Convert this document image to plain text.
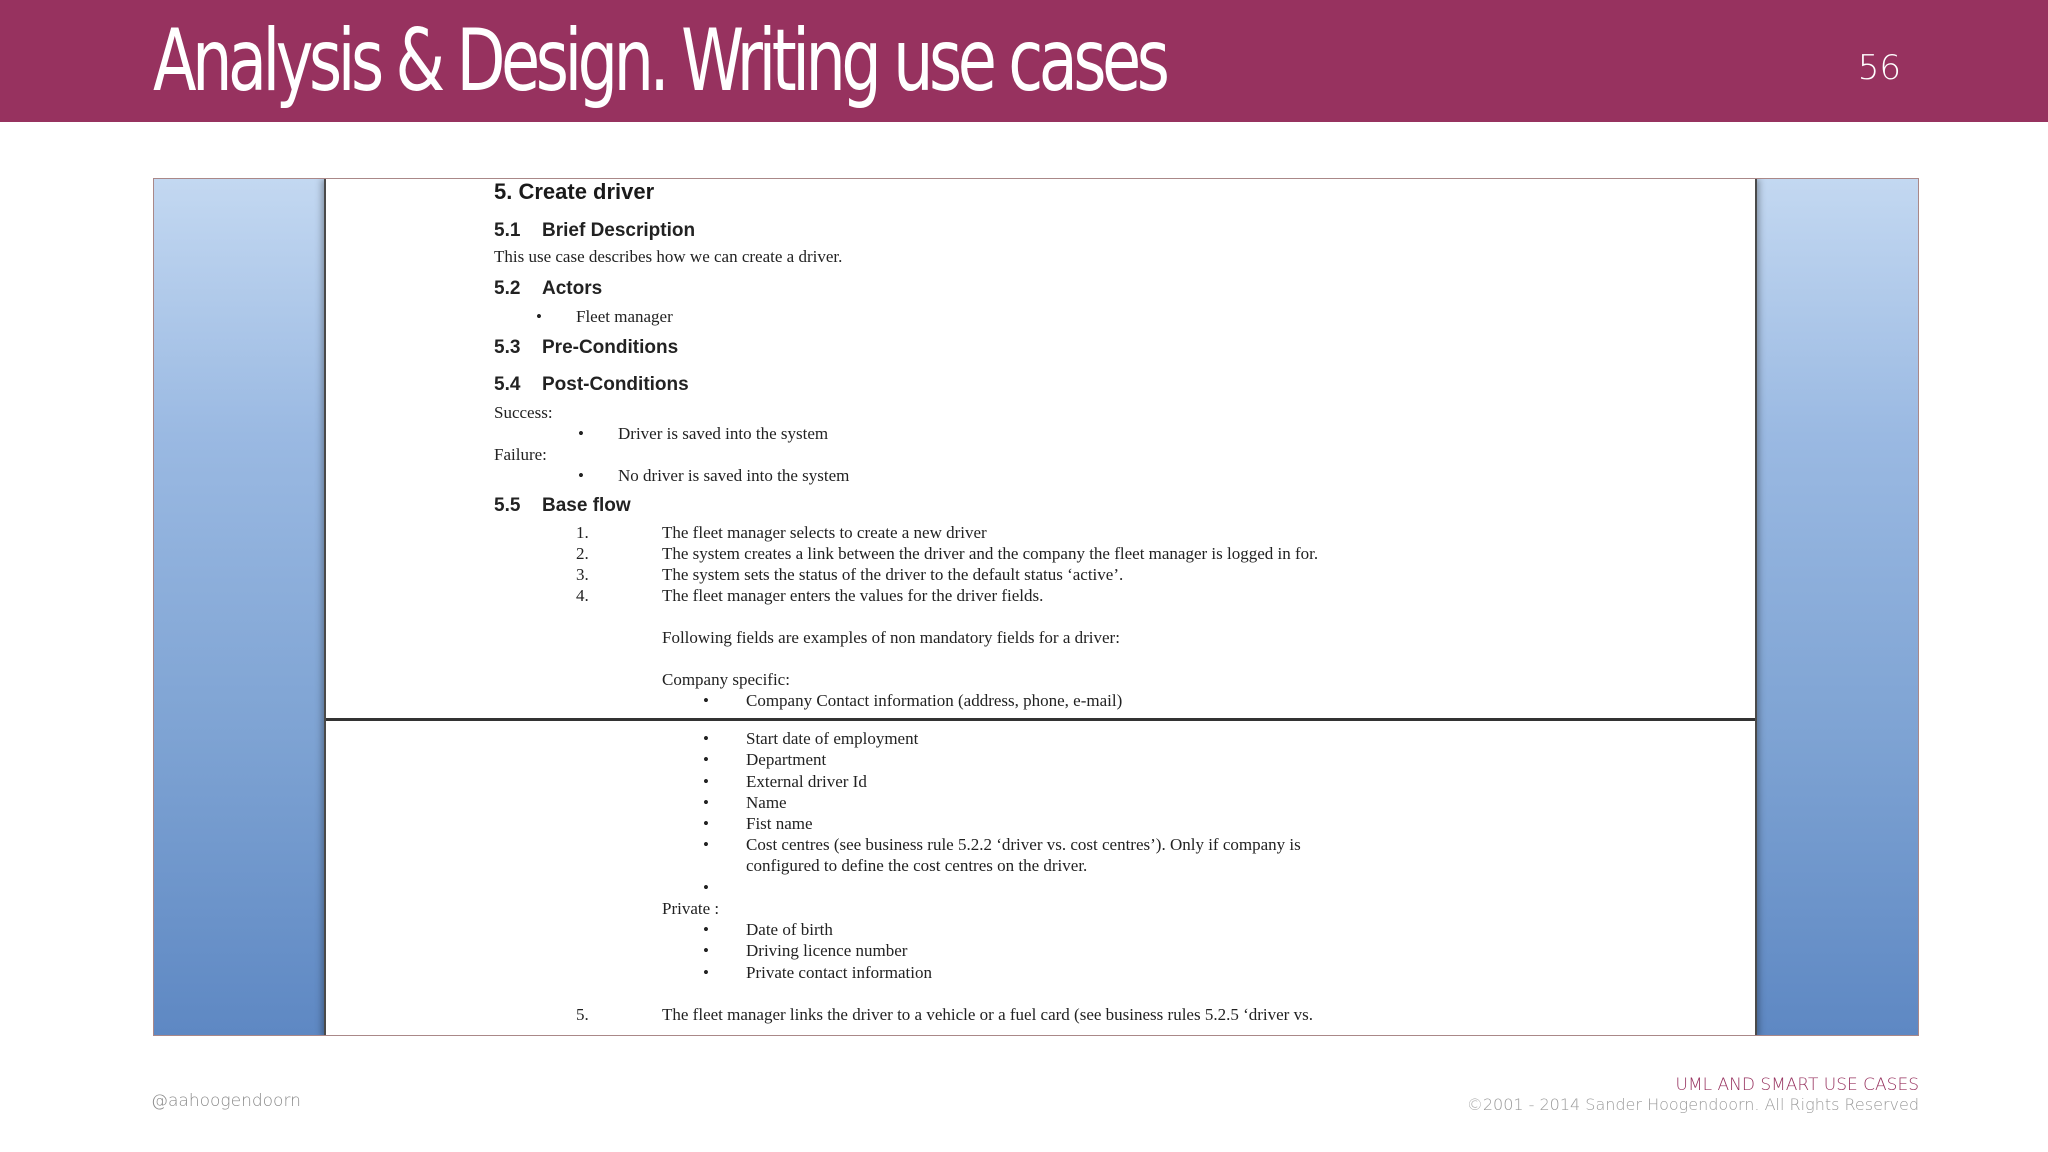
Analysis & Design. Writing use cases	56
5. Create driver
5.1 Brief Description
This use case describes how we can create a driver.
5.2 Actors
• Fleet manager
5.3 Pre-Conditions
5.4 Post-Conditions
Success:
• Driver is saved into the system
Failure:
• No driver is saved into the system
5.5 Base flow
1.	The fleet manager selects to create a new driver
2.	The system creates a link between the driver and the company the fleet manager is logged in for.
3.	The system sets the status of the driver to the default status ‘active’.
4.	The fleet manager enters the values for the driver fields.
Following fields are examples of non mandatory fields for a driver:
Company specific:
• Company Contact information (address, phone, e-mail)
• Start date of employment
• Department
• External driver Id
• Name
• Fist name
• Cost centres (see business rule 5.2.2 ‘driver vs. cost centres’). Only if company is
configured to define the cost centres on the driver.
•
Private :
• Date of birth
• Driving licence number
• Private contact information
5.	The fleet manager links the driver to a vehicle or a fuel card (see business rules 5.2.5 ‘driver vs.
@aahoogendoorn
UML AND SMART USE CASES
©2001 - 2014 Sander Hoogendoorn. All Rights Reserved
